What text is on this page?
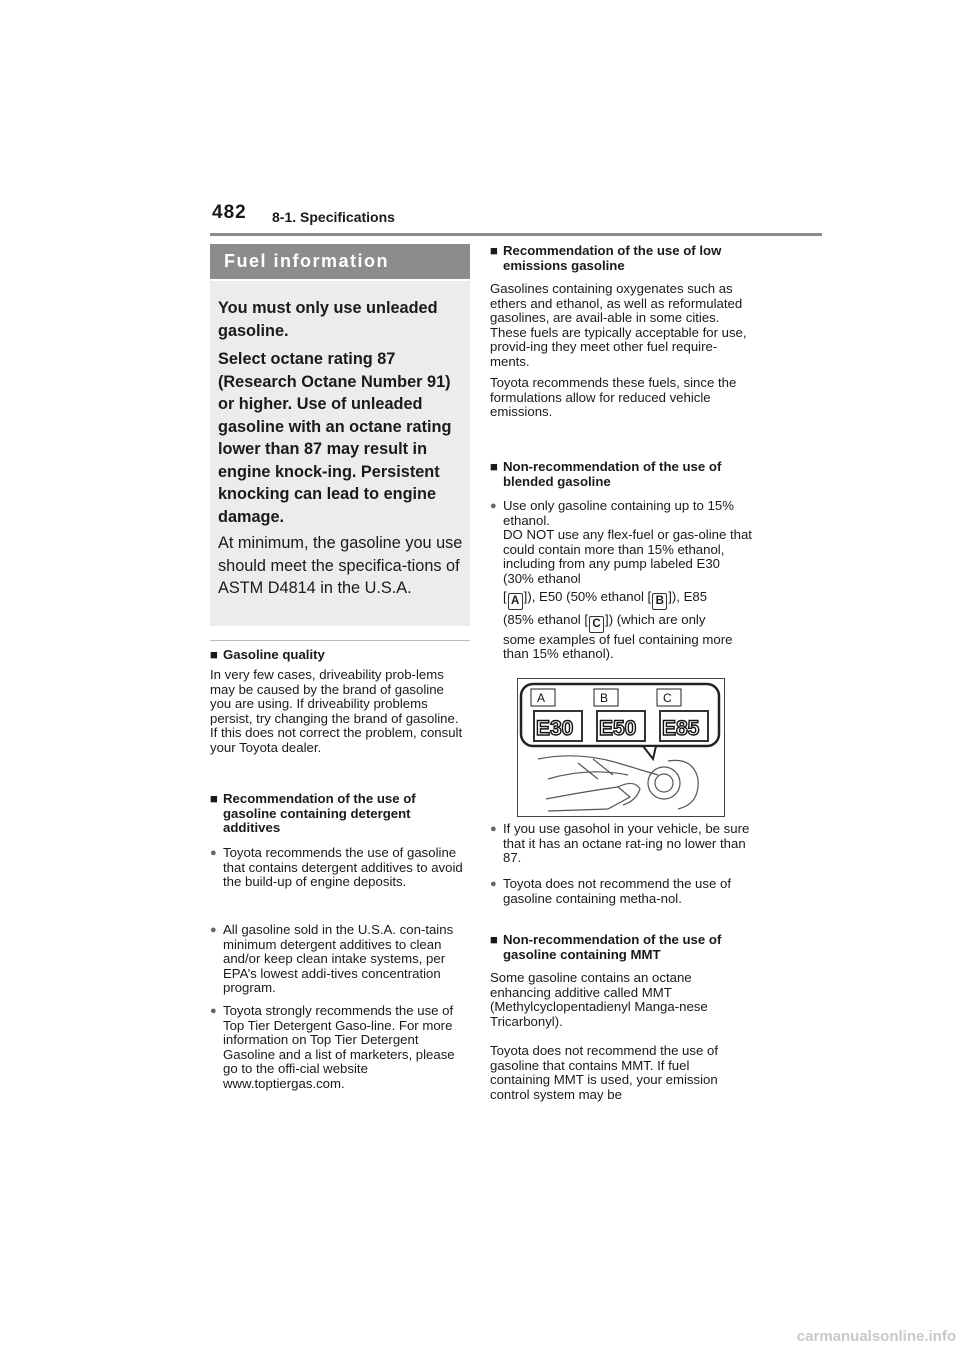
482 8-1. Specifications
Fuel information

You must only use unleaded gasoline.

Select octane rating 87 (Research Octane Number 91) or higher. Use of unleaded gasoline with an octane rating lower than 87 may result in engine knock-ing. Persistent knocking can lead to engine damage.

At minimum, the gasoline you use should meet the specifica-tions of ASTM D4814 in the U.S.A.

■ Gasoline quality
In very few cases, driveability prob-lems may be caused by the brand of gasoline you are using. If driveability problems persist, try changing the brand of gasoline. If this does not correct the problem, consult your Toyota dealer.
■ Recommendation of the use of gasoline containing detergent additives
● Toyota recommends the use of gasoline that contains detergent additives to avoid the build-up of engine deposits.
● All gasoline sold in the U.S.A. con-tains minimum detergent additives to clean and/or keep clean intake systems, per EPA’s lowest addi-tives concentration program.
● Toyota strongly recommends the use of Top Tier Detergent Gaso-line. For more information on Top Tier Detergent Gasoline and a list of marketers, please go to the offi-cial website www.toptiergas.com.
■ Recommendation of the use of low emissions gasoline
Gasolines containing oxygenates such as ethers and ethanol, as well as reformulated gasolines, are avail-able in some cities. These fuels are typically acceptable for use, provid-ing they meet other fuel require-ments.
Toyota recommends these fuels, since the formulations allow for reduced vehicle emissions.
■ Non-recommendation of the use of blended gasoline
● Use only gasoline containing up to 15% ethanol.
DO NOT use any flex-fuel or gas-oline that could contain more than 15% ethanol, including from any pump labeled E30 (30% ethanol
[ A ]), E50 (50% ethanol [ B ]), E85
(85% ethanol [ C ]) (which are only
some examples of fuel containing more than 15% ethanol).
A	B	C
E30 E50 E85
● If you use gasohol in your vehicle, be sure that it has an octane rat-ing no lower than 87.
● Toyota does not recommend the use of gasoline containing metha-nol.
■ Non-recommendation of the use of gasoline containing MMT
Some gasoline contains an octane enhancing additive called MMT (Methylcyclopentadienyl Manga-nese Tricarbonyl).
Toyota does not recommend the use of gasoline that contains MMT. If fuel containing MMT is used, your emission control system may be
carmanualsonline.info
